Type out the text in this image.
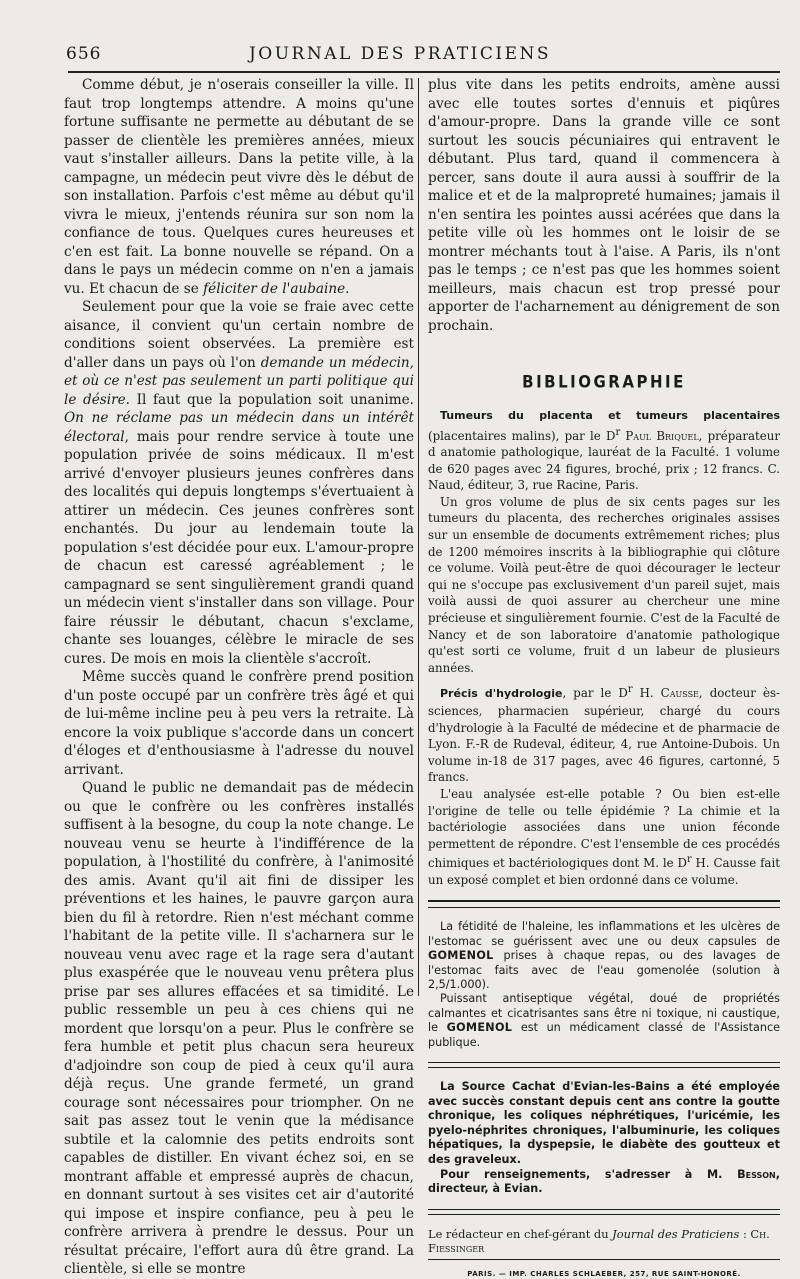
656	JOURNAL DES PRATICIENS

Comme début, je n'oserais conseiller la ville. Il faut trop longtemps attendre. A moins qu'une fortune suffisante ne permette au débutant de se passer de clientèle les premières années, mieux vaut s'installer ailleurs. Dans la petite ville, à la campagne, un médecin peut vivre dès le début de son installation. Parfois c'est même au début qu'il vivra le mieux, j'entends réunira sur son nom la confiance de tous. Quelques cures heureuses et c'en est fait. La bonne nouvelle se répand. On a dans le pays un médecin comme on n'en a jamais vu. Et chacun de se féliciter de l'aubaine.

Seulement pour que la voie se fraie avec cette aisance, il convient qu'un certain nombre de conditions soient observées. La première est d'aller dans un pays où l'on demande un médecin, et où ce n'est pas seulement un parti politique qui le désire. Il faut que la population soit unanime. On ne réclame pas un médecin dans un intérêt électoral, mais pour rendre service à toute une population privée de soins médicaux. Il m'est arrivé d'envoyer plusieurs jeunes confrères dans des localités qui depuis longtemps s'évertuaient à attirer un médecin. Ces jeunes confrères sont enchantés. Du jour au lendemain toute la population s'est décidée pour eux. L'amour-propre de chacun est caressé agréablement ; le campagnard se sent singulièrement grandi quand un médecin vient s'installer dans son village. Pour faire réussir le débutant, chacun s'exclame, chante ses louanges, célèbre le miracle de ses cures. De mois en mois la clientèle s'accroît.

Même succès quand le confrère prend position d'un poste occupé par un confrère très âgé et qui de lui-même incline peu à peu vers la retraite. Là encore la voix publique s'accorde dans un concert d'éloges et d'enthousiasme à l'adresse du nouvel arrivant.

Quand le public ne demandait pas de médecin ou que le confrère ou les confrères installés suffisent à la besogne, du coup la note change. Le nouveau venu se heurte à l'indifférence de la population, à l'hostilité du confrère, à l'animosité des amis. Avant qu'il ait fini de dissiper les préventions et les haines, le pauvre garçon aura bien du fil à retordre. Rien n'est méchant comme l'habitant de la petite ville. Il s'acharnera sur le nouveau venu avec rage et la rage sera d'autant plus exaspérée que le nouveau venu prêtera plus prise par ses allures effacées et sa timidité. Le public ressemble un peu à ces chiens qui ne mordent que lorsqu'on a peur. Plus le confrère se fera humble et petit plus chacun sera heureux d'adjoindre son coup de pied à ceux qu'il aura déjà reçus. Une grande fermeté, un grand courage sont nécessaires pour triompher. On ne sait pas assez tout le venin que la médisance subtile et la calomnie des petits endroits sont capables de distiller. En vivant échez soi, en se montrant affable et empressé auprès de chacun, en donnant surtout à ses visites cet air d'autorité qui impose et inspire confiance, peu à peu le confrère arrivera à prendre le dessus. Pour un résultat précaire, l'effort aura dû être grand. La clientèle, si elle se montre

plus vite dans les petits endroits, amène aussi avec elle toutes sortes d'ennuis et piqûres d'amour-propre. Dans la grande ville ce sont surtout les soucis pécuniaires qui entravent le débutant. Plus tard, quand il commencera à percer, sans doute il aura aussi à souffrir de la malice et et de la malpropreté humaines; jamais il n'en sentira les pointes aussi acérées que dans la petite ville où les hommes ont le loisir de se montrer méchants tout à l'aise. A Paris, ils n'ont pas le temps ; ce n'est pas que les hommes soient meilleurs, mais chacun est trop pressé pour apporter de l'acharnement au dénigrement de son prochain.

BIBLIOGRAPHIE

Tumeurs du placenta et tumeurs placentaires (placentaires malins), par le $D^r$ Paul Briquel, préparateur d anatomie pathologique, lauréat de la Faculté. 1 volume de 620 pages avec 24 figures, broché, prix ; 12 francs. C. Naud, éditeur, 3, rue Racine, Paris.

Un gros volume de plus de six cents pages sur les tumeurs du placenta, des recherches originales assises sur un ensemble de documents extrêmement riches; plus de 1200 mémoires inscrits à la bibliographie qui clôture ce volume. Voilà peut-être de quoi décourager le lecteur qui ne s'occupe pas exclusivement d'un pareil sujet, mais voilà aussi de quoi assurer au chercheur une mine précieuse et singulièrement fournie. C'est de la Faculté de Nancy et de son laboratoire d'anatomie pathologique qu'est sorti ce volume, fruit d un labeur de plusieurs années.

Précis d'hydrologie, par le $D^r$ H. Causse, docteur ès-sciences, pharmacien supérieur, chargé du cours d'hydrologie à la Faculté de médecine et de pharmacie de Lyon. F.-R de Rudeval, éditeur, 4, rue Antoine-Dubois. Un volume in-18 de 317 pages, avec 46 figures, cartonné, 5 francs.

L'eau analysée est-elle potable ? Ou bien est-elle l'origine de telle ou telle épidémie ? La chimie et la bactériologie associées dans une union féconde permettent de répondre. C'est l'ensemble de ces procédés chimiques et bactériologiques dont M. le $D^r$ H. Causse fait un exposé complet et bien ordonné dans ce volume.

La fétidité de l'haleine, les inflammations et les ulcères de l'estomac se guérissent avec une ou deux capsules de GOMENOL prises à chaque repas, ou des lavages de l'estomac faits avec de l'eau gomenolée (solution à 2,5/1.000).

Puissant antiseptique végétal, doué de propriétés calmantes et cicatrisantes sans être ni toxique, ni caustique, le GOMENOL est un médicament classé de l'Assistance publique.

La Source Cachat d'Evian-les-Bains a été employée avec succès constant depuis cent ans contre la goutte chronique, les coliques néphrétiques, l'uricémie, les pyelo-néphrites chroniques, l'albuminurie, les coliques hépatiques, la dyspepsie, le diabète des goutteux et des graveleux.

Pour renseignements, s'adresser à M. Besson, directeur, à Evian.

Le rédacteur en chef-gérant du Journal des Praticiens : Ch. Fiessinger
PARIS. — IMP. CHARLES SCHLAEBER, 257, RUE SAINT-HONORÉ.
